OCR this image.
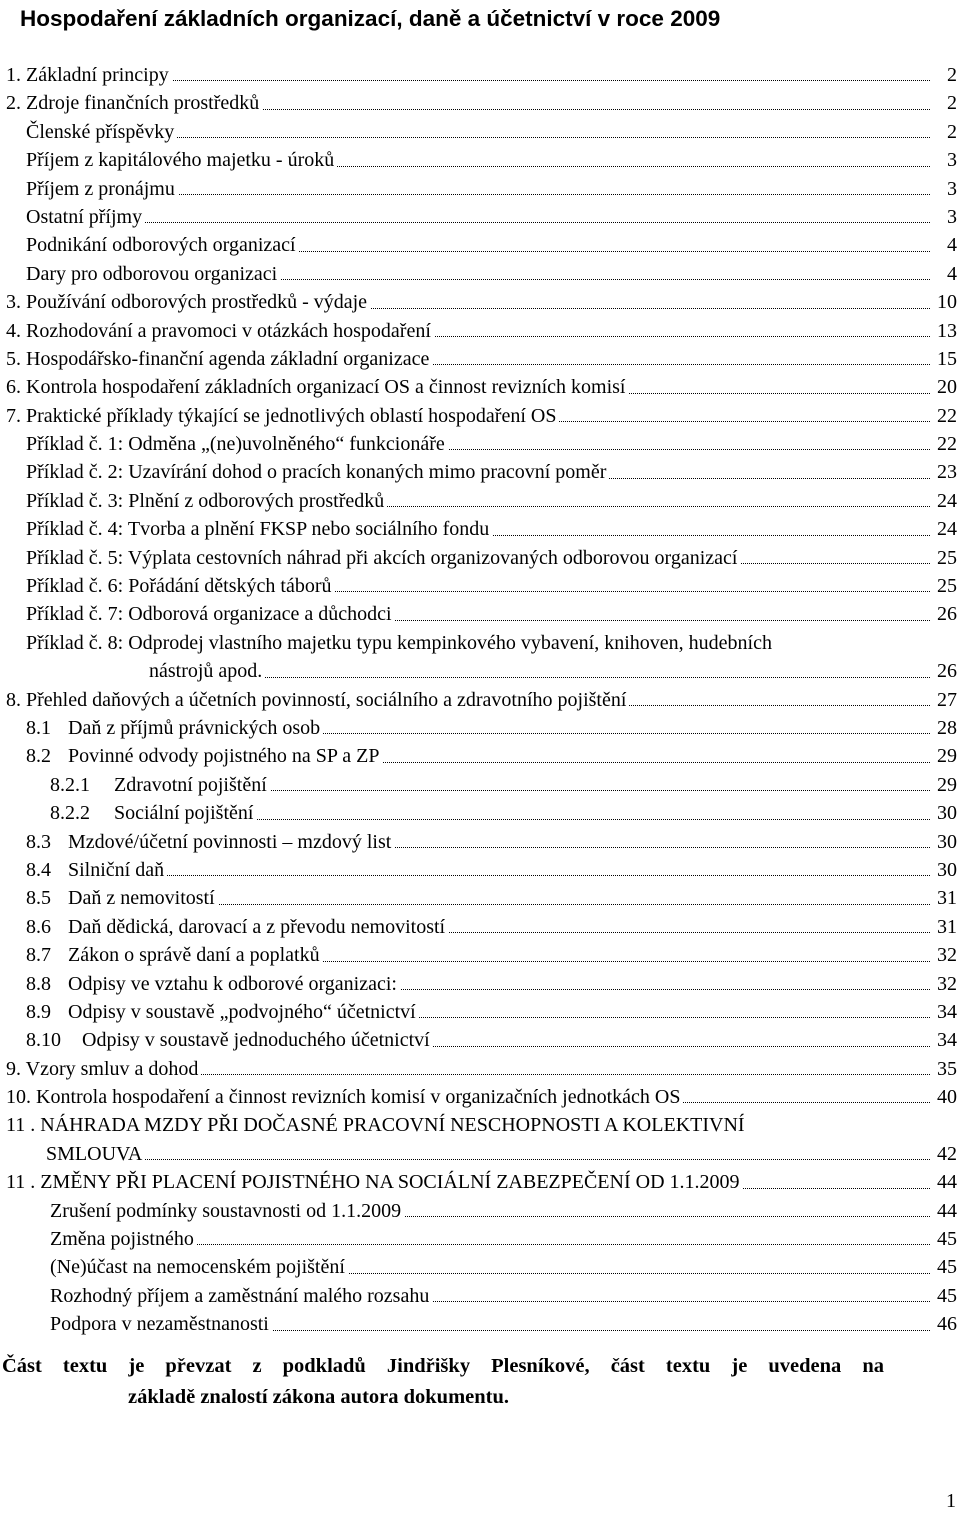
Hospodaření základních organizací, daně a účetnictví v roce 2009
1. Základní principy	2
2. Zdroje finančních prostředků	2
Členské příspěvky	2
Příjem z kapitálového majetku - úroků	3
Příjem z pronájmu	3
Ostatní příjmy	3
Podnikání odborových organizací	4
Dary pro odborovou organizaci	4
3. Používání odborových prostředků - výdaje	10
4. Rozhodování a pravomoci v otázkách hospodaření	13
5. Hospodářsko-finanční agenda základní organizace	15
6. Kontrola hospodaření základních organizací OS a činnost revizních komisí	20
7. Praktické příklady týkající se jednotlivých oblastí hospodaření OS	22
Příklad č. 1: Odměna „(ne)uvolněného“ funkcionáře	22
Příklad č. 2: Uzavírání dohod o pracích konaných mimo pracovní poměr	23
Příklad č. 3: Plnění z odborových prostředků	24
Příklad č. 4: Tvorba a plnění FKSP nebo sociálního fondu	24
Příklad č. 5: Výplata cestovních náhrad při akcích organizovaných odborovou organizací	25
Příklad č. 6: Pořádání dětských táborů	25
Příklad č. 7: Odborová organizace a důchodci	26
Příklad č. 8: Odprodej vlastního majetku typu kempinkového vybavení, knihoven, hudebních
nástrojů apod.	26
8. Přehled daňových a účetních povinností, sociálního a zdravotního pojištění	27
8.1 Daň z příjmů právnických osob	28
8.2 Povinné odvody pojistného na SP a ZP	29
8.2.1 Zdravotní pojištění	29
8.2.2 Sociální pojištění	30
8.3 Mzdové/účetní povinnosti – mzdový list	30
8.4 Silniční daň	30
8.5 Daň z nemovitostí	31
8.6 Daň dědická, darovací a z převodu nemovitostí	31
8.7 Zákon o správě daní a poplatků	32
8.8 Odpisy ve vztahu k odborové organizaci:	32
8.9 Odpisy v soustavě „podvojného“ účetnictví	34
8.10 Odpisy v soustavě jednoduchého účetnictví	34
9. Vzory smluv a dohod	35
10. Kontrola hospodaření a činnost revizních komisí v organizačních jednotkách OS	40
11 . NÁHRADA MZDY PŘI DOČASNÉ PRACOVNÍ NESCHOPNOSTI A KOLEKTIVNÍ
SMLOUVA	42
11 . ZMĚNY PŘI PLACENÍ POJISTNÉHO NA SOCIÁLNÍ ZABEZPEČENÍ OD 1.1.2009	44
Zrušení podmínky soustavnosti od 1.1.2009	44
Změna pojistného	45
(Ne)účast na nemocenském pojištění	45
Rozhodný příjem a zaměstnání malého rozsahu	45
Podpora v nezaměstnanosti	46
Část textu je převzat z podkladů Jindřišky Plesníkové, část textu je uvedena na
základě znalostí zákona autora dokumentu.
1
